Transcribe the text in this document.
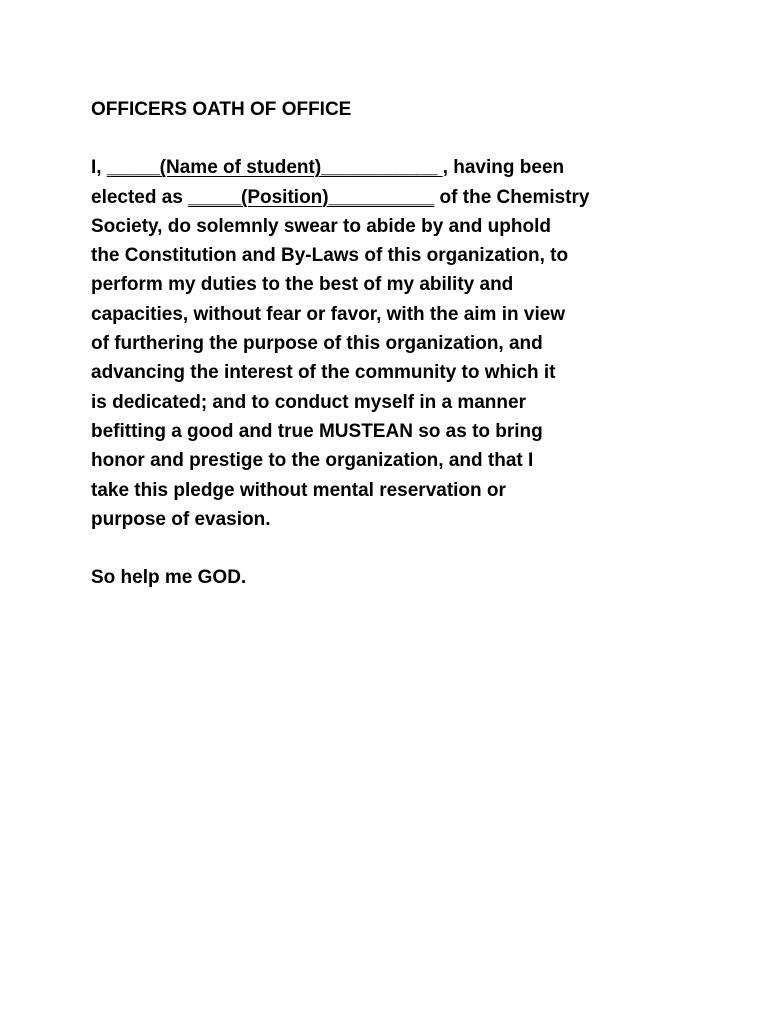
OFFICERS OATH OF OFFICE
I, _____(Name of student)___________ , having been
elected as _____(Position)__________ of the Chemistry
Society, do solemnly swear to abide by and uphold
the Constitution and By-Laws of this organization, to
perform my duties to the best of my ability and
capacities, without fear or favor, with the aim in view
of furthering the purpose of this organization, and
advancing the interest of the community to which it
is dedicated; and to conduct myself in a manner
befitting a good and true MUSTEAN so as to bring
honor and prestige to the organization, and that I
take this pledge without mental reservation or
purpose of evasion.
So help me GOD.
